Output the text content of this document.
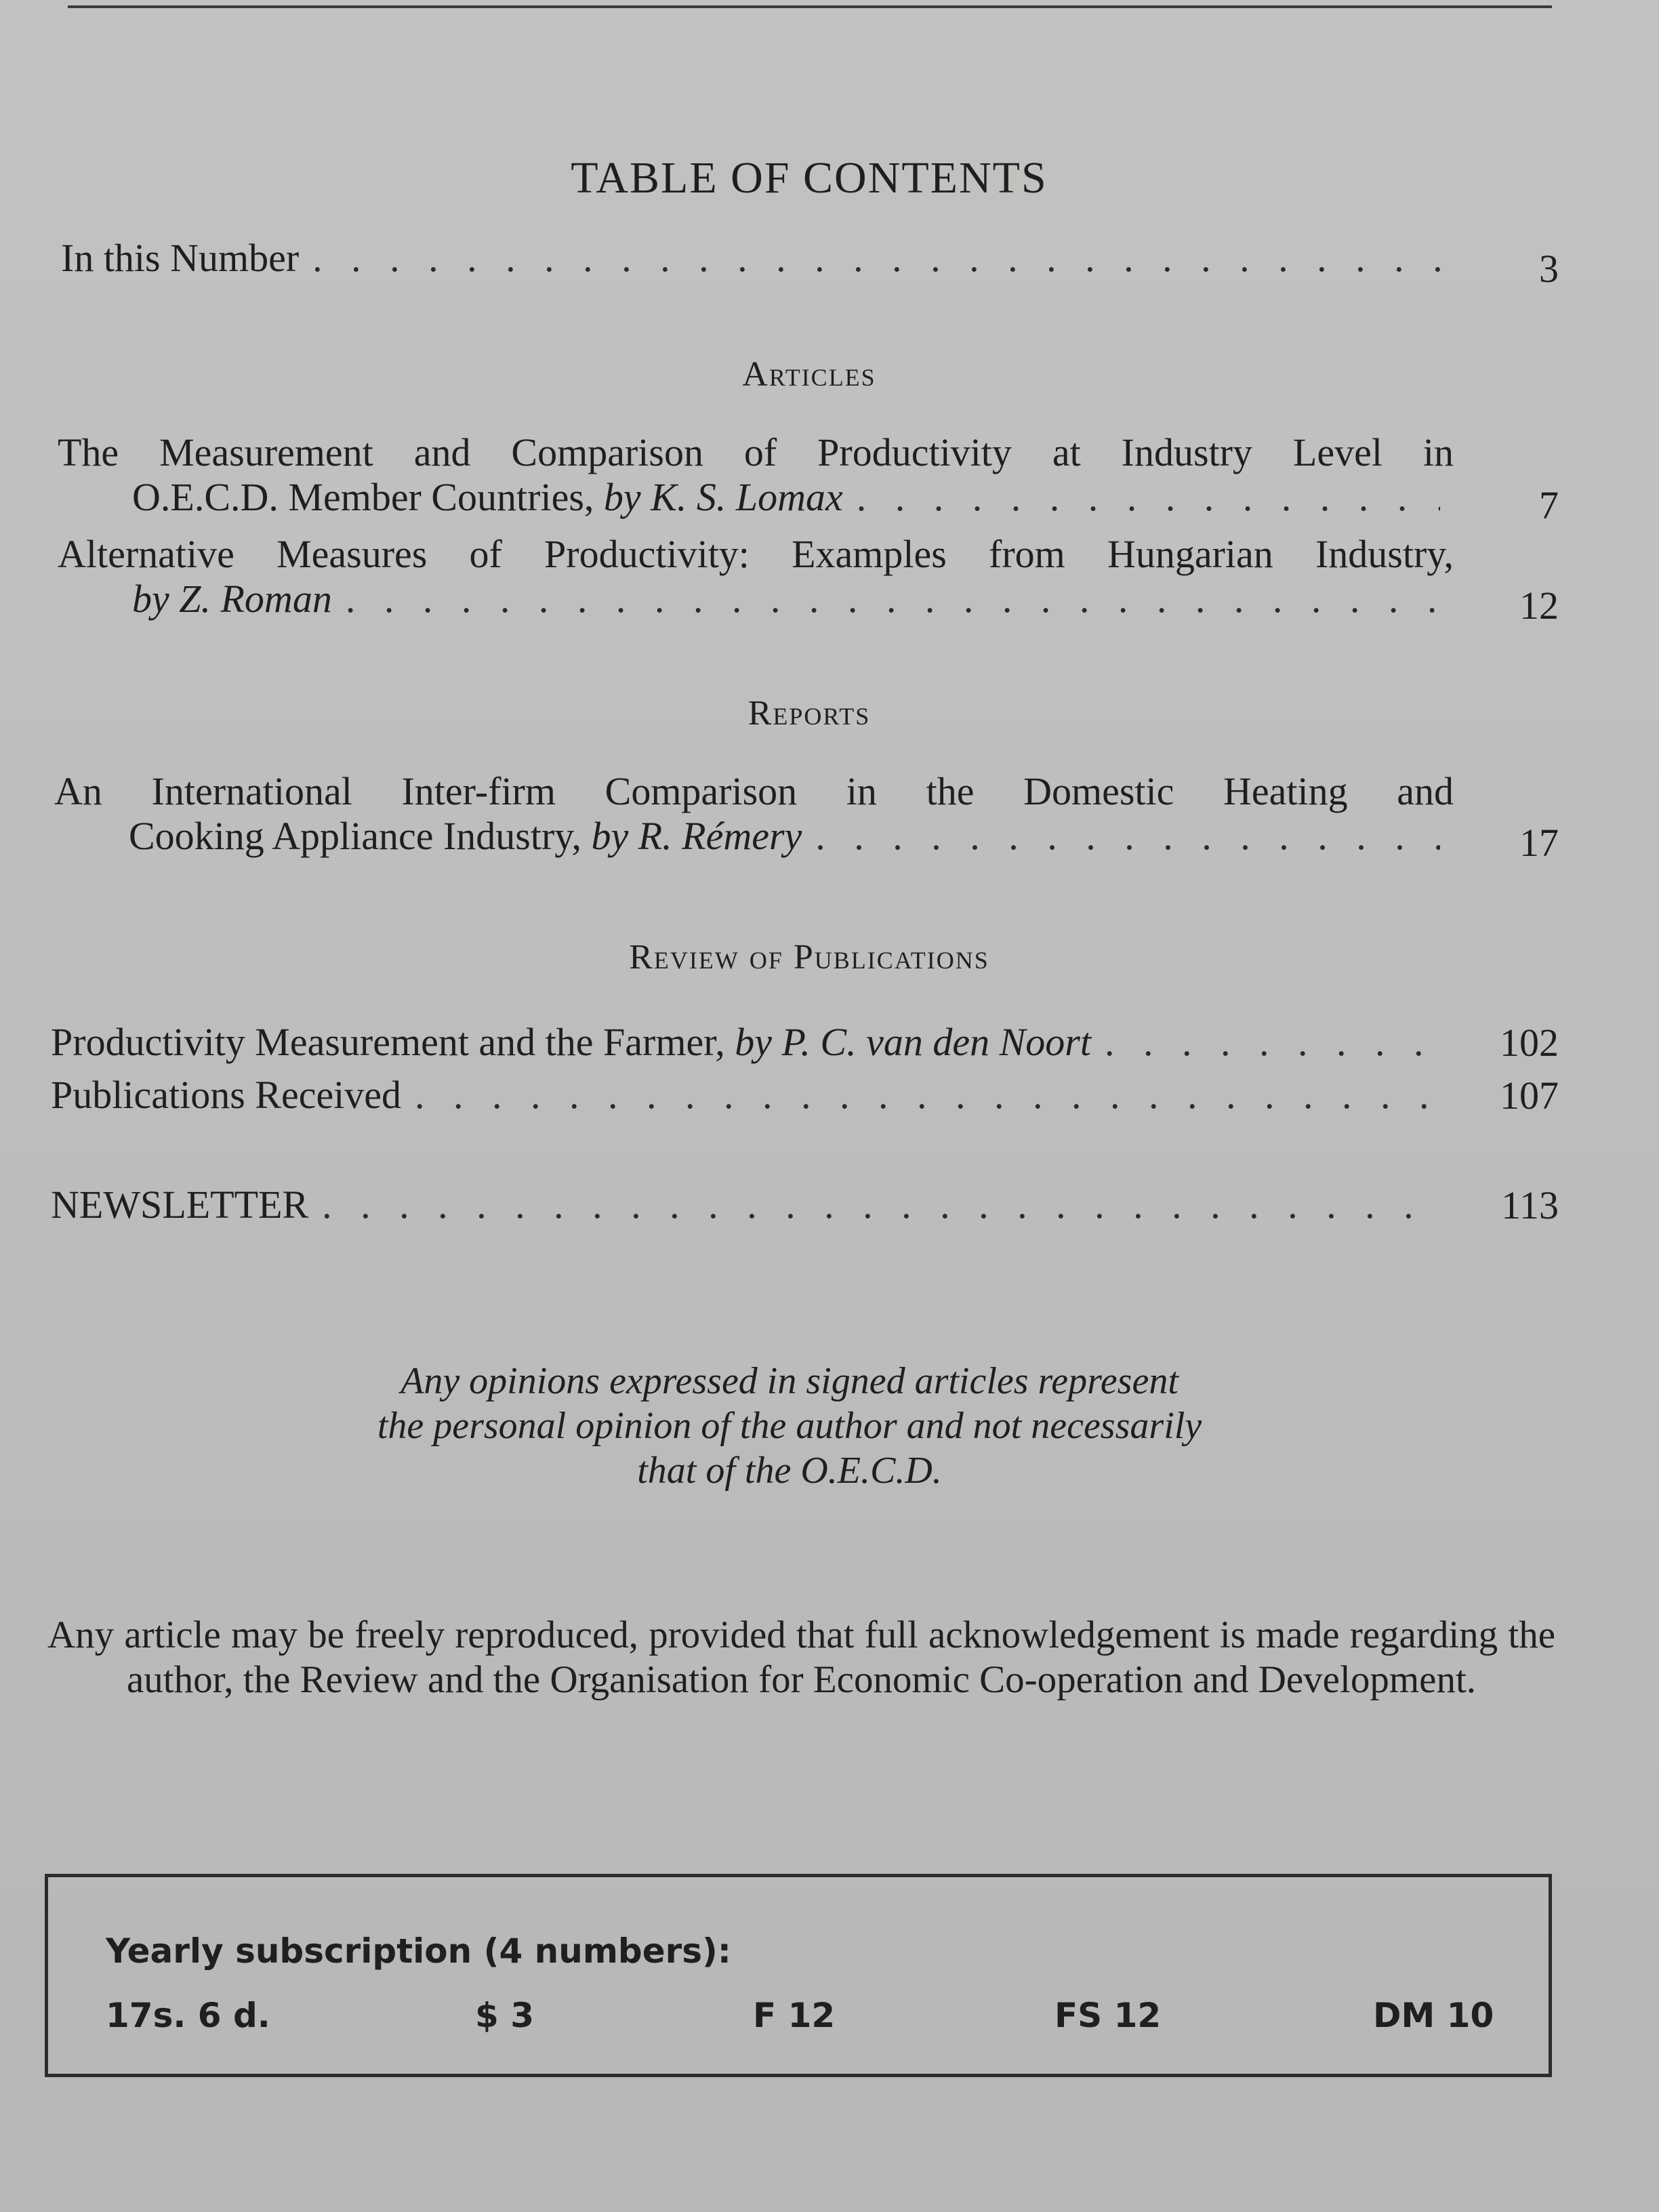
TABLE OF CONTENTS
In this Number . . .	3
Articles
The Measurement and Comparison of Productivity at Industry Level in
O.E.C.D. Member Countries,
by K. S. Lomax . . .	7
Alternative Measures of Productivity: Examples from Hungarian Industry,
by Z. Roman . . .	12
Reports
An International Inter-firm Comparison in the Domestic Heating and
Cooking Appliance Industry,
by R. Rémery . . .	17
Review of Publications
Productivity Measurement and the Farmer,
by P. C. van den Noort . . .	102
Publications Received . . .	107
NEWSLETTER . . .	113
Any opinions expressed in signed articles represent
the personal opinion of the author and not necessarily
that of the O.E.C.D.
Any article may be freely reproduced, provided that full acknowledgement is made regarding the author, the Review and the Organisation for Economic Co-operation and Development.
Yearly subscription (4 numbers):
17s. 6 d.	$ 3	F 12	FS 12	DM 10
